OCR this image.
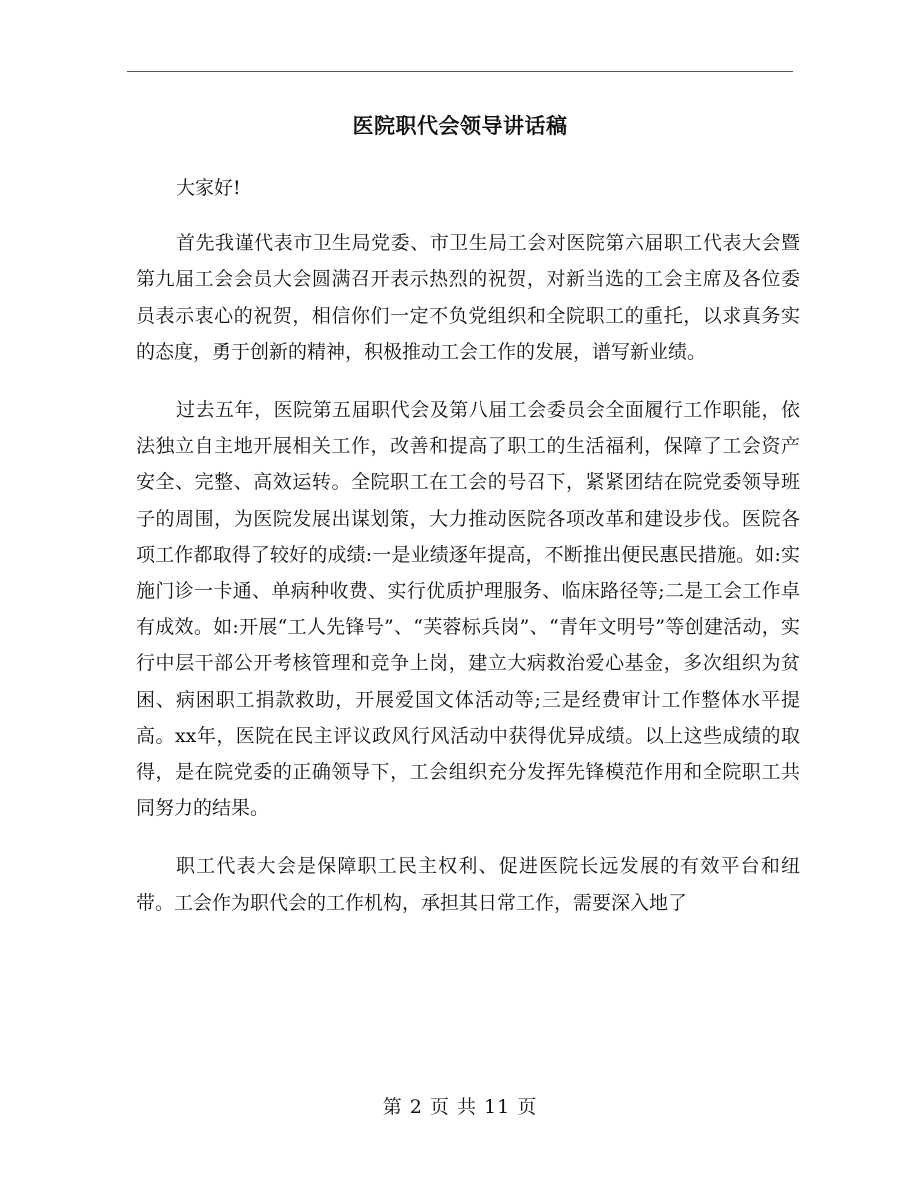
医院职代会领导讲话稿

大家好!

首先我谨代表市卫生局党委、市卫生局工会对医院第六届职工代表大会暨第九届工会会员大会圆满召开表示热烈的祝贺，对新当选的工会主席及各位委员表示衷心的祝贺，相信你们一定不负党组织和全院职工的重托，以求真务实的态度，勇于创新的精神，积极推动工会工作的发展，谱写新业绩。

过去五年，医院第五届职代会及第八届工会委员会全面履行工作职能，依法独立自主地开展相关工作，改善和提高了职工的生活福利，保障了工会资产安全、完整、高效运转。全院职工在工会的号召下，紧紧团结在院党委领导班子的周围，为医院发展出谋划策，大力推动医院各项改革和建设步伐。医院各项工作都取得了较好的成绩:一是业绩逐年提高，不断推出便民惠民措施。如:实施门诊一卡通、单病种收费、实行优质护理服务、临床路径等;二是工会工作卓有成效。如:开展“工人先锋号”、“芙蓉标兵岗”、“青年文明号”等创建活动，实行中层干部公开考核管理和竞争上岗，建立大病救治爱心基金，多次组织为贫困、病困职工捐款救助，开展爱国文体活动等;三是经费审计工作整体水平提高。xx年，医院在民主评议政风行风活动中获得优异成绩。以上这些成绩的取得，是在院党委的正确领导下，工会组织充分发挥先锋模范作用和全院职工共同努力的结果。

职工代表大会是保障职工民主权利、促进医院长远发展的有效平台和纽带。工会作为职代会的工作机构，承担其日常工作，需要深入地了

第 2 页 共 11 页
